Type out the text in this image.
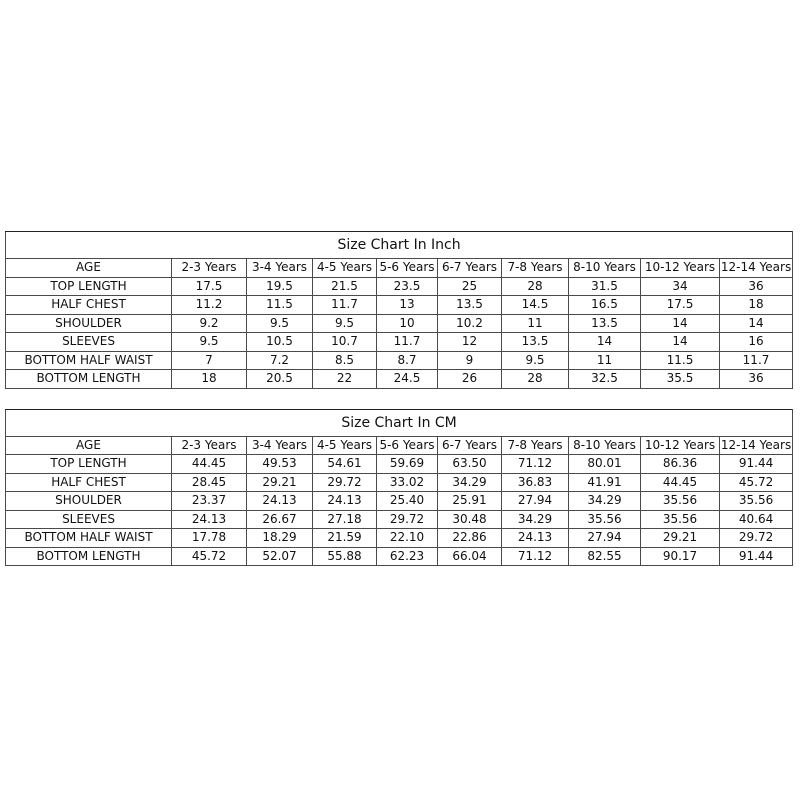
Size Chart In Inch									
AGE	2-3 Years	3-4 Years	4-5 Years	5-6 Years	6-7 Years	7-8 Years	8-10 Years	10-12 Years	12-14 Years
TOP LENGTH	17.5	19.5	21.5	23.5	25	28	31.5	34	36
HALF CHEST	11.2	11.5	11.7	13	13.5	14.5	16.5	17.5	18
SHOULDER	9.2	9.5	9.5	10	10.2	11	13.5	14	14
SLEEVES	9.5	10.5	10.7	11.7	12	13.5	14	14	16
BOTTOM HALF WAIST	7	7.2	8.5	8.7	9	9.5	11	11.5	11.7
BOTTOM LENGTH	18	20.5	22	24.5	26	28	32.5	35.5	36

Size Chart In CM									
AGE	2-3 Years	3-4 Years	4-5 Years	5-6 Years	6-7 Years	7-8 Years	8-10 Years	10-12 Years	12-14 Years
TOP LENGTH	44.45	49.53	54.61	59.69	63.50	71.12	80.01	86.36	91.44
HALF CHEST	28.45	29.21	29.72	33.02	34.29	36.83	41.91	44.45	45.72
SHOULDER	23.37	24.13	24.13	25.40	25.91	27.94	34.29	35.56	35.56
SLEEVES	24.13	26.67	27.18	29.72	30.48	34.29	35.56	35.56	40.64
BOTTOM HALF WAIST	17.78	18.29	21.59	22.10	22.86	24.13	27.94	29.21	29.72
BOTTOM LENGTH	45.72	52.07	55.88	62.23	66.04	71.12	82.55	90.17	91.44
